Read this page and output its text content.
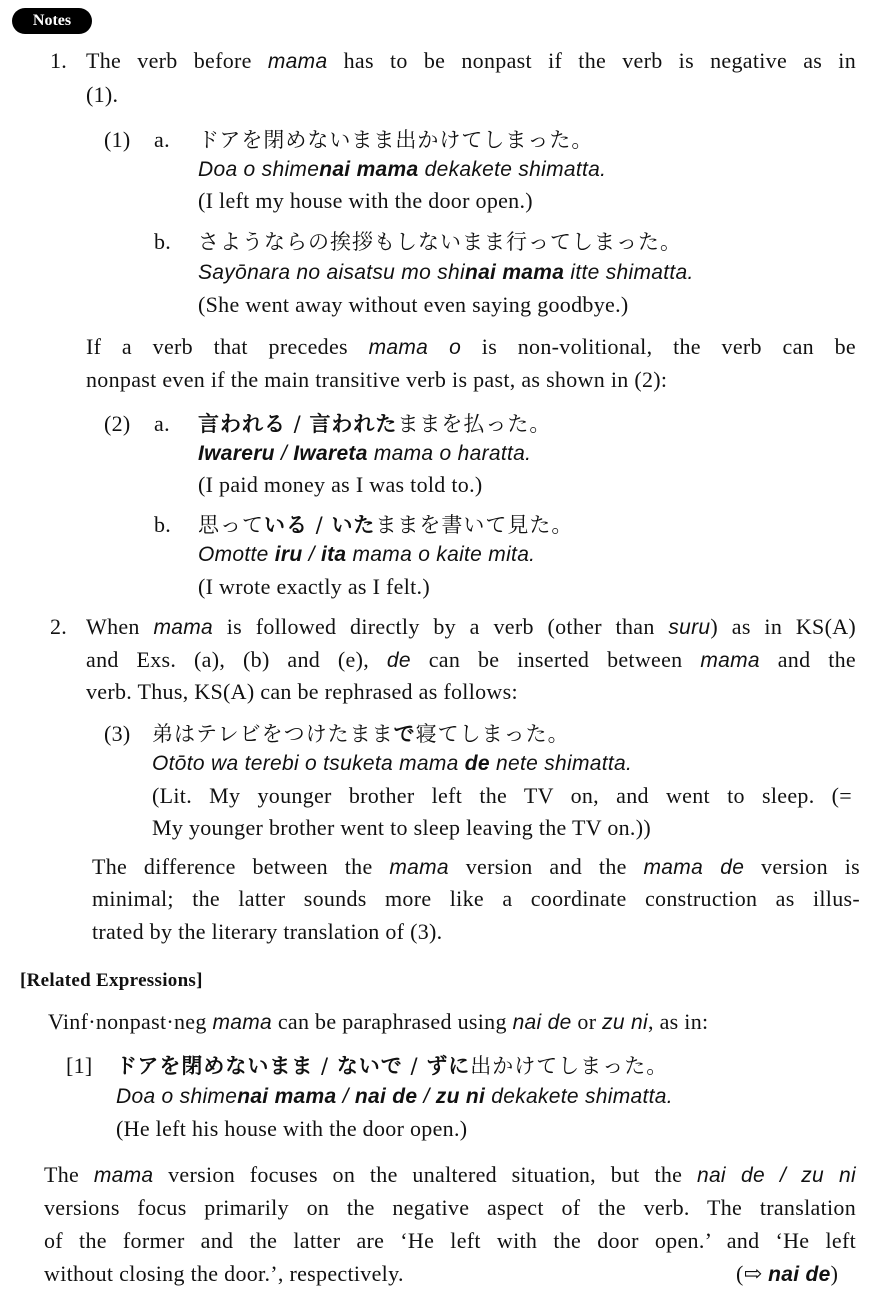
Notes
1. The verb before mama has to be nonpast if the verb is negative as in
(1).
(1) a. ドアを閉めないまま出かけてしまった。
Doa o shimenai mama dekakete shimatta.
(I left my house with the door open.)
b. さようならの挨拶もしないまま行ってしまった。
Sayōnara no aisatsu mo shinai mama itte shimatta.
(She went away without even saying goodbye.)
If a verb that precedes mama o is non-volitional, the verb can be
nonpast even if the main transitive verb is past, as shown in (2):
(2) a. 言われる / 言われたままを払った。
Iwareru / Iwareta mama o haratta.
(I paid money as I was told to.)
b. 思っている / いたままを書いて見た。
Omotte iru / ita mama o kaite mita.
(I wrote exactly as I felt.)
2. When mama is followed directly by a verb (other than suru) as in KS(A)
and Exs. (a), (b) and (e), de can be inserted between mama and the
verb. Thus, KS(A) can be rephrased as follows:
(3) 弟はテレビをつけたままで寝てしまった。
Otōto wa terebi o tsuketa mama de nete shimatta.
(Lit. My younger brother left the TV on, and went to sleep. (=
My younger brother went to sleep leaving the TV on.))
The difference between the mama version and the mama de version is
minimal; the latter sounds more like a coordinate construction as illus-
trated by the literary translation of (3).
[Related Expressions]
Vinf·nonpast·neg mama can be paraphrased using nai de or zu ni, as in:
[1] ドアを閉めないまま / ないで / ずに出かけてしまった。
Doa o shimenai mama / nai de / zu ni dekakete shimatta.
(He left his house with the door open.)
The mama version focuses on the unaltered situation, but the nai de / zu ni
versions focus primarily on the negative aspect of the verb. The translation
of the former and the latter are ‘He left with the door open.’ and ‘He left
without closing the door.’, respectively.	(⇨ nai de)
